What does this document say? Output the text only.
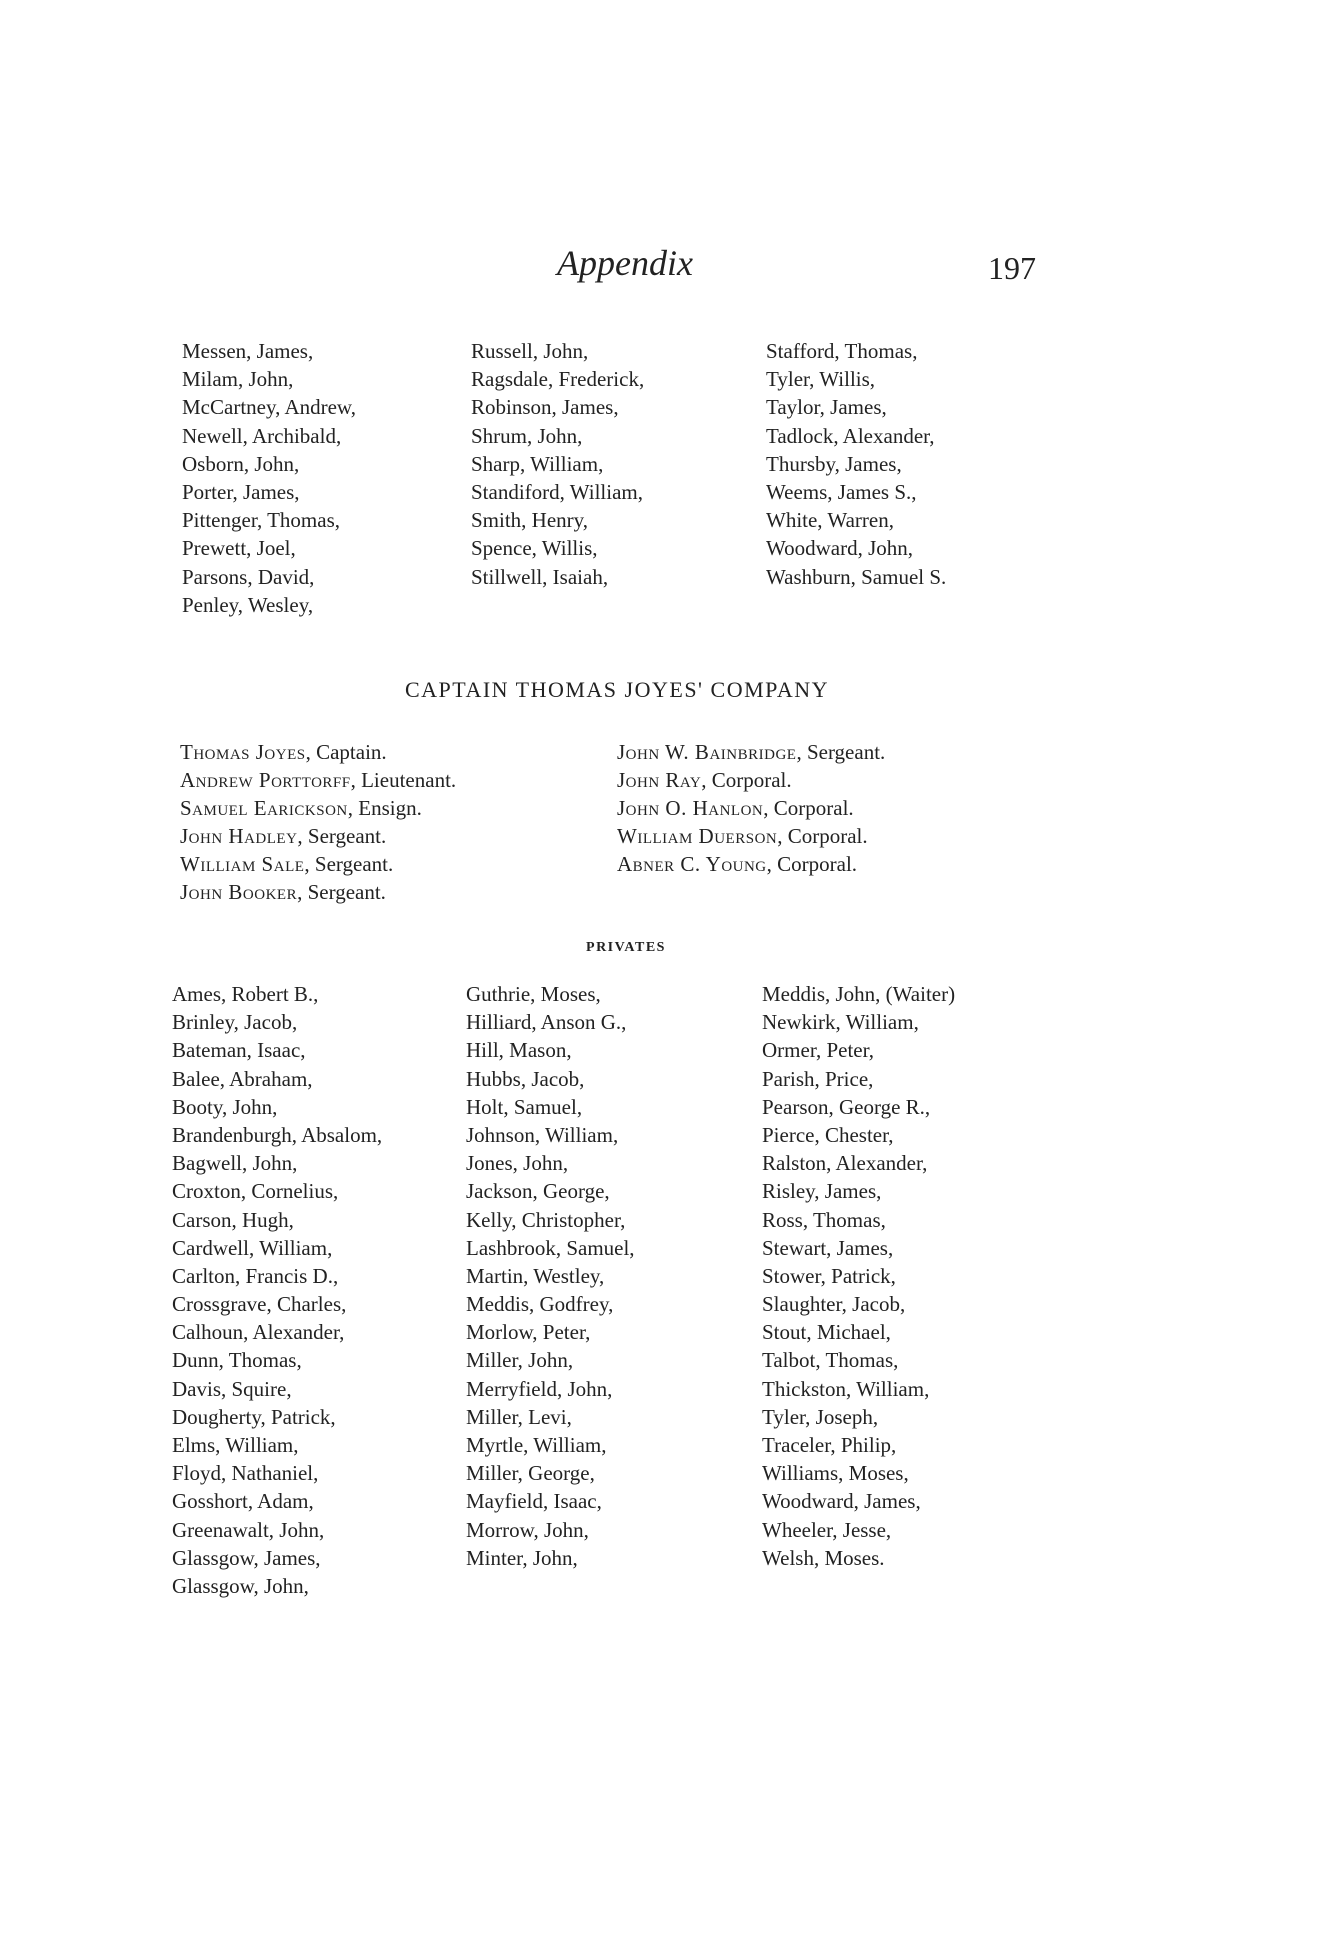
Appendix	197
Messen, James,
Milam, John,
McCartney, Andrew,
Newell, Archibald,
Osborn, John,
Porter, James,
Pittenger, Thomas,
Prewett, Joel,
Parsons, David,
Penley, Wesley,
Russell, John,
Ragsdale, Frederick,
Robinson, James,
Shrum, John,
Sharp, William,
Standiford, William,
Smith, Henry,
Spence, Willis,
Stillwell, Isaiah,
Stafford, Thomas,
Tyler, Willis,
Taylor, James,
Tadlock, Alexander,
Thursby, James,
Weems, James S.,
White, Warren,
Woodward, John,
Washburn, Samuel S.
CAPTAIN THOMAS JOYES' COMPANY
Thomas Joyes, Captain.
Andrew Porttorff, Lieutenant.
Samuel Earickson, Ensign.
John Hadley, Sergeant.
William Sale, Sergeant.
John Booker, Sergeant.
John W. Bainbridge, Sergeant.
John Ray, Corporal.
John O. Hanlon, Corporal.
William Duerson, Corporal.
Abner C. Young, Corporal.
PRIVATES
Ames, Robert B.,
Brinley, Jacob,
Bateman, Isaac,
Balee, Abraham,
Booty, John,
Brandenburgh, Absalom,
Bagwell, John,
Croxton, Cornelius,
Carson, Hugh,
Cardwell, William,
Carlton, Francis D.,
Crossgrave, Charles,
Calhoun, Alexander,
Dunn, Thomas,
Davis, Squire,
Dougherty, Patrick,
Elms, William,
Floyd, Nathaniel,
Gosshort, Adam,
Greenawalt, John,
Glassgow, James,
Glassgow, John,
Guthrie, Moses,
Hilliard, Anson G.,
Hill, Mason,
Hubbs, Jacob,
Holt, Samuel,
Johnson, William,
Jones, John,
Jackson, George,
Kelly, Christopher,
Lashbrook, Samuel,
Martin, Westley,
Meddis, Godfrey,
Morlow, Peter,
Miller, John,
Merryfield, John,
Miller, Levi,
Myrtle, William,
Miller, George,
Mayfield, Isaac,
Morrow, John,
Minter, John,
Meddis, John, (Waiter)
Newkirk, William,
Ormer, Peter,
Parish, Price,
Pearson, George R.,
Pierce, Chester,
Ralston, Alexander,
Risley, James,
Ross, Thomas,
Stewart, James,
Stower, Patrick,
Slaughter, Jacob,
Stout, Michael,
Talbot, Thomas,
Thickston, William,
Tyler, Joseph,
Traceler, Philip,
Williams, Moses,
Woodward, James,
Wheeler, Jesse,
Welsh, Moses.
